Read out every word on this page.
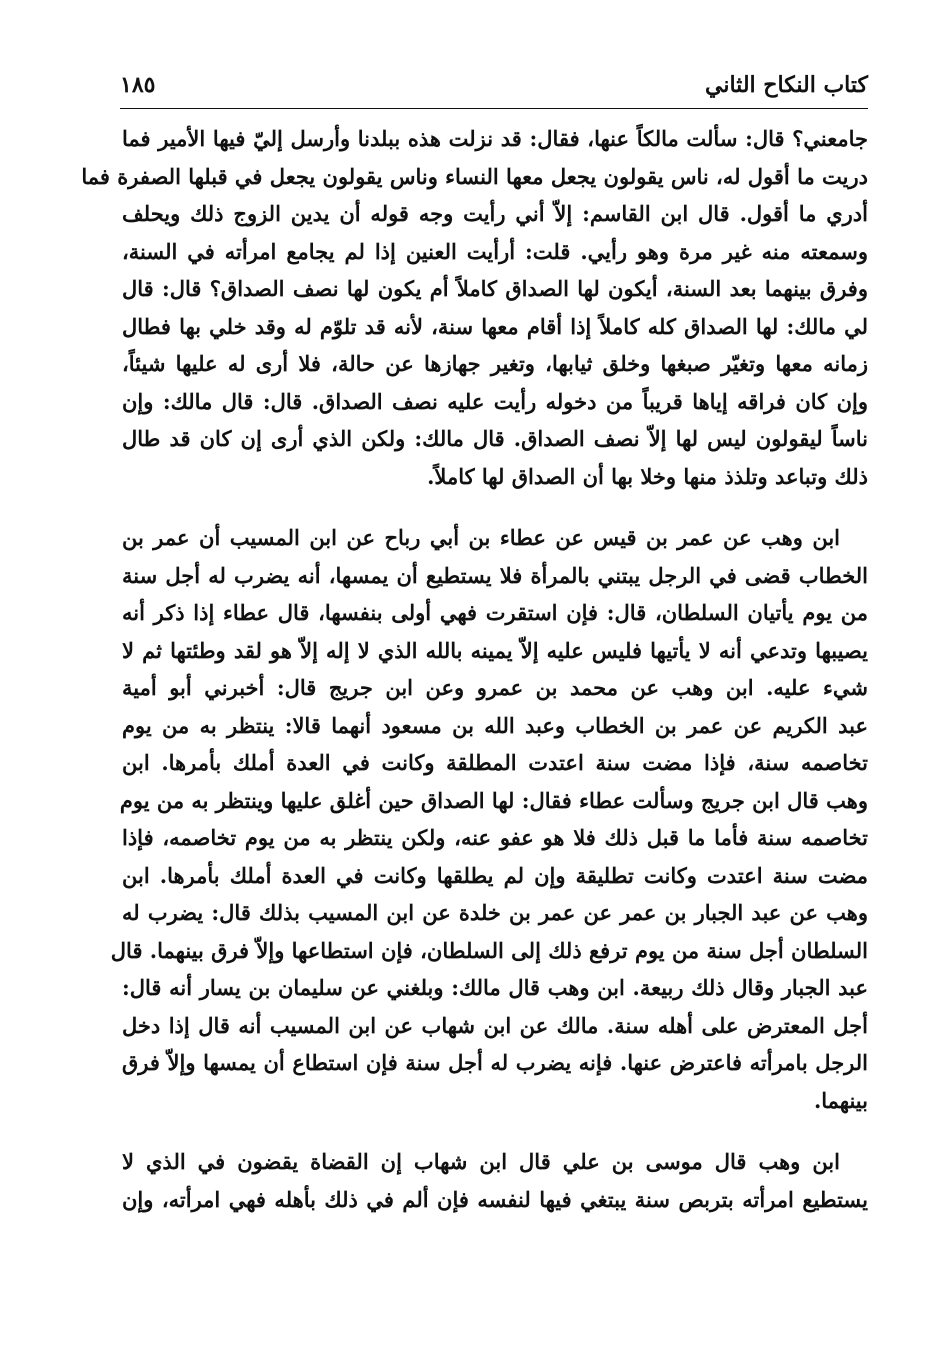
كتاب النكاح الثاني
١٨٥
جامعني؟ قال: سألت مالكاً عنها، فقال: قد نزلت هذه ببلدنا وأرسل إليّ فيها الأمير فما
دريت ما أقول له، ناس يقولون يجعل معها النساء وناس يقولون يجعل في قبلها الصفرة فما
أدري ما أقول. قال ابن القاسم: إلاّ أني رأيت وجه قوله أن يدين الزوج ذلك ويحلف
وسمعته منه غير مرة وهو رأيي. قلت: أرأيت العنين إذا لم يجامع امرأته في السنة،
وفرق بينهما بعد السنة، أيكون لها الصداق كاملاً أم يكون لها نصف الصداق؟ قال: قال
لي مالك: لها الصداق كله كاملاً إذا أقام معها سنة، لأنه قد تلوّم له وقد خلي بها فطال
زمانه معها وتغيّر صبغها وخلق ثيابها، وتغير جهازها عن حالة، فلا أرى له عليها شيئاً،
وإن كان فراقه إياها قريباً من دخوله رأيت عليه نصف الصداق. قال: قال مالك: وإن
ناساً ليقولون ليس لها إلاّ نصف الصداق. قال مالك: ولكن الذي أرى إن كان قد طال
ذلك وتباعد وتلذذ منها وخلا بها أن الصداق لها كاملاً.
ابن وهب عن عمر بن قيس عن عطاء بن أبي رباح عن ابن المسيب أن عمر بن
الخطاب قضى في الرجل يبتني بالمرأة فلا يستطيع أن يمسها، أنه يضرب له أجل سنة
من يوم يأتيان السلطان، قال: فإن استقرت فهي أولى بنفسها، قال عطاء إذا ذكر أنه
يصيبها وتدعي أنه لا يأتيها فليس عليه إلاّ يمينه بالله الذي لا إله إلاّ هو لقد وطئتها ثم لا
شيء عليه. ابن وهب عن محمد بن عمرو وعن ابن جريج قال: أخبرني أبو أمية
عبد الكريم عن عمر بن الخطاب وعبد الله بن مسعود أنهما قالا: ينتظر به من يوم
تخاصمه سنة، فإذا مضت سنة اعتدت المطلقة وكانت في العدة أملك بأمرها. ابن
وهب قال ابن جريج وسألت عطاء فقال: لها الصداق حين أغلق عليها وينتظر به من يوم
تخاصمه سنة فأما ما قبل ذلك فلا هو عفو عنه، ولكن ينتظر به من يوم تخاصمه، فإذا
مضت سنة اعتدت وكانت تطليقة وإن لم يطلقها وكانت في العدة أملك بأمرها. ابن
وهب عن عبد الجبار بن عمر عن عمر بن خلدة عن ابن المسيب بذلك قال: يضرب له
السلطان أجل سنة من يوم ترفع ذلك إلى السلطان، فإن استطاعها وإلاّ فرق بينهما. قال
عبد الجبار وقال ذلك ربيعة. ابن وهب قال مالك: وبلغني عن سليمان بن يسار أنه قال:
أجل المعترض على أهله سنة. مالك عن ابن شهاب عن ابن المسيب أنه قال إذا دخل
الرجل بامرأته فاعترض عنها. فإنه يضرب له أجل سنة فإن استطاع أن يمسها وإلاّ فرق
بينهما.
ابن وهب قال موسى بن علي قال ابن شهاب إن القضاة يقضون في الذي لا
يستطيع امرأته بتربص سنة يبتغي فيها لنفسه فإن ألم في ذلك بأهله فهي امرأته، وإن
